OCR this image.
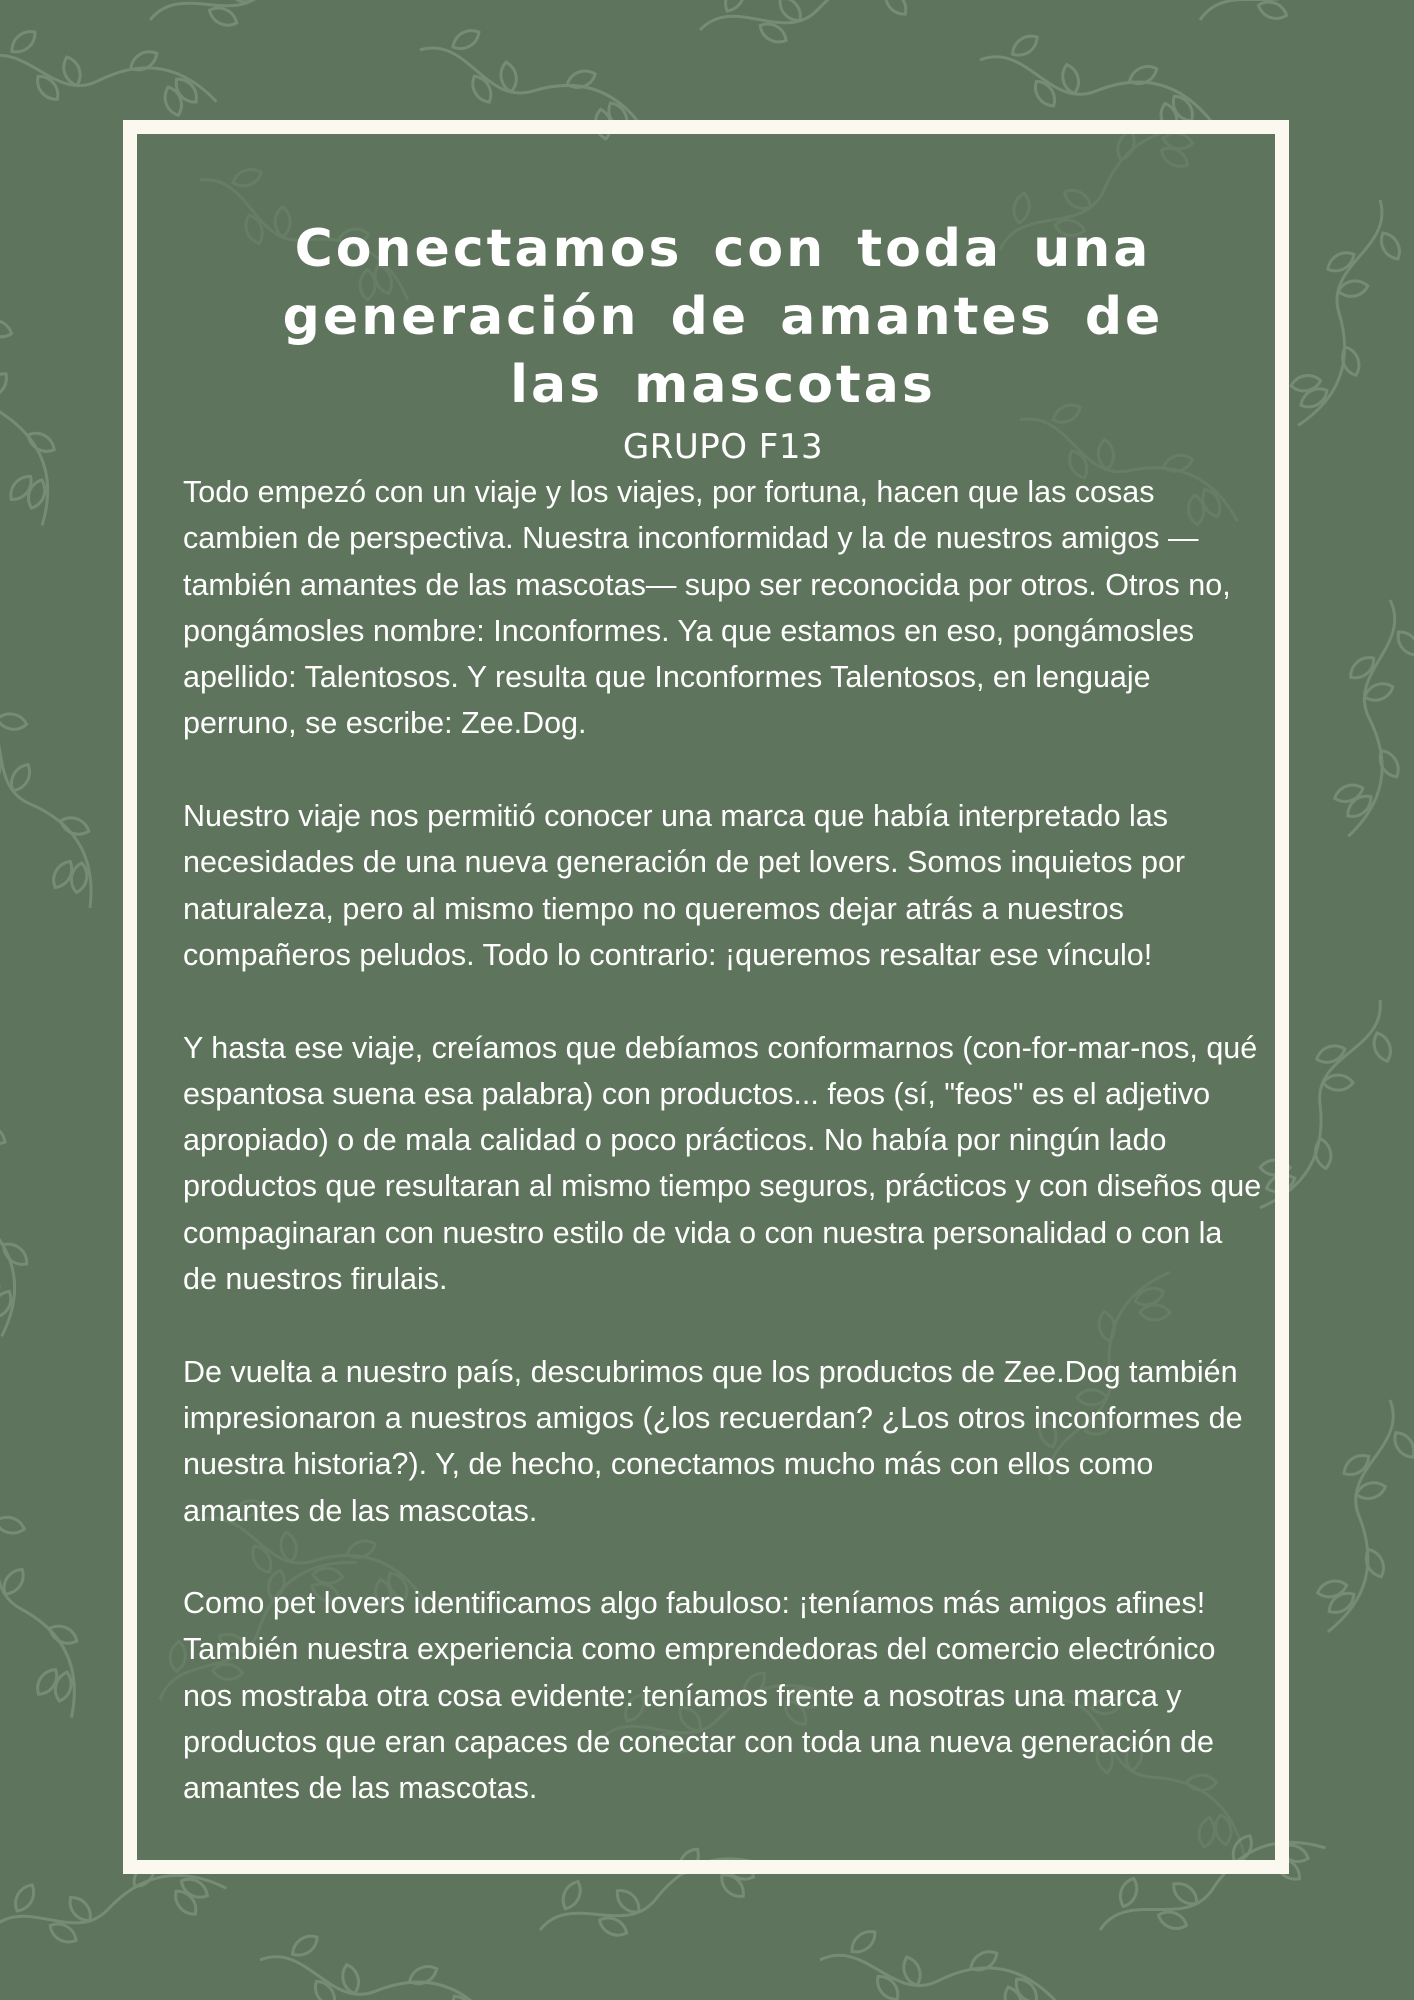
Conectamos con toda una generación de amantes de las mascotas
GRUPO F13

Todo empezó con un viaje y los viajes, por fortuna, hacen que las cosas cambien de perspectiva. Nuestra inconformidad y la de nuestros amigos —también amantes de las mascotas— supo ser reconocida por otros. Otros no, pongámosles nombre: Inconformes. Ya que estamos en eso, pongámosles apellido: Talentosos. Y resulta que Inconformes Talentosos, en lenguaje perruno, se escribe: Zee.Dog.

Nuestro viaje nos permitió conocer una marca que había interpretado las necesidades de una nueva generación de pet lovers. Somos inquietos por naturaleza, pero al mismo tiempo no queremos dejar atrás a nuestros compañeros peludos. Todo lo contrario: ¡queremos resaltar ese vínculo!

Y hasta ese viaje, creíamos que debíamos conformarnos (con-for-mar-nos, qué espantosa suena esa palabra) con productos... feos (sí, "feos" es el adjetivo apropiado) o de mala calidad o poco prácticos. No había por ningún lado productos que resultaran al mismo tiempo seguros, prácticos y con diseños que compaginaran con nuestro estilo de vida o con nuestra personalidad o con la de nuestros firulais.

De vuelta a nuestro país, descubrimos que los productos de Zee.Dog también impresionaron a nuestros amigos (¿los recuerdan? ¿Los otros inconformes de nuestra historia?). Y, de hecho, conectamos mucho más con ellos como amantes de las mascotas.

Como pet lovers identificamos algo fabuloso: ¡teníamos más amigos afines! También nuestra experiencia como emprendedoras del comercio electrónico nos mostraba otra cosa evidente: teníamos frente a nosotras una marca y productos que eran capaces de conectar con toda una nueva generación de amantes de las mascotas.
